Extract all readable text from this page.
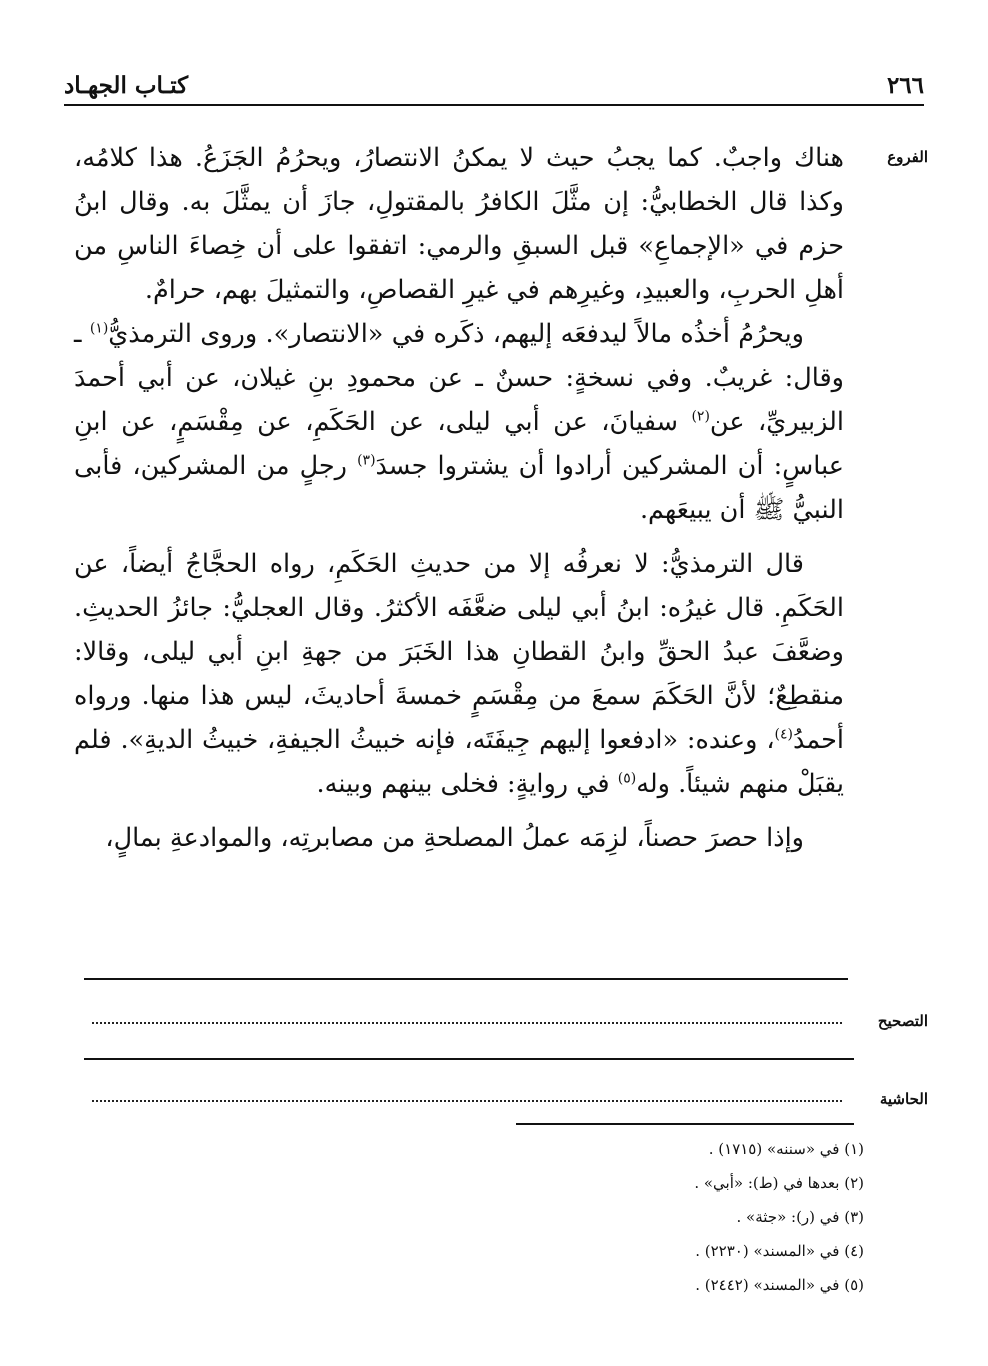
٢٦٦
كتـاب الجهـاد
الفروع

هناك واجبٌ. كما يجبُ حيث لا يمكنُ الانتصارُ، ويحرُمُ الجَزَعُ. هذا كلامُه، وكذا قال الخطابيُّ: إن مثَّلَ الكافرُ بالمقتولِ، جازَ أن يمثَّلَ به. وقال ابنُ حزم في «الإجماعِ» قبل السبقِ والرمي: اتفقوا على أن خِصاءَ الناسِ من أهلِ الحربِ، والعبيدِ، وغيرِهم في غيرِ القصاصِ، والتمثيلَ بهم، حرامٌ.

ويحرُمُ أخذُه مالاً ليدفعَه إليهم، ذكَره في «الانتصار». وروى الترمذيُّ$^{(١)}$ ـ وقال: غريبٌ. وفي نسخةٍ: حسنٌ ـ عن محمودِ بنِ غيلان، عن أبي أحمدَ الزبيريِّ، عن$^{(٢)}$ سفيانَ، عن أبي ليلى، عن الحَكَمِ، عن مِقْسَمٍ، عن ابنِ عباسٍ: أن المشركين أرادوا أن يشتروا جسدَ$^{(٣)}$ رجلٍ من المشركين، فأبى النبيُّ ﷺ أن يبيعَهم.

قال الترمذيُّ: لا نعرفُه إلا من حديثِ الحَكَمِ، رواه الحجَّاجُ أيضاً، عن الحَكَمِ. قال غيرُه: ابنُ أبي ليلى ضعَّفَه الأكثرُ. وقال العجليُّ: جائزُ الحديثِ. وضعَّفَ عبدُ الحقِّ وابنُ القطانِ هذا الخَبَرَ من جهةِ ابنِ أبي ليلى، وقالا: منقطِعٌ؛ لأنَّ الحَكَمَ سمعَ من مِقْسَمٍ خمسةَ أحاديثَ، ليس هذا منها. ورواه أحمدُ$^{(٤)}$، وعنده: «ادفعوا إليهم جِيفَتَه، فإنه خبيثُ الجيفةِ، خبيثُ الديةِ». فلم يقبَلْ منهم شيئاً. وله$^{(٥)}$ في روايةٍ: فخلى بينهم وبينه.

وإذا حصرَ حصناً، لزِمَه عملُ المصلحةِ من مصابرتِه، والموادعةِ بمالٍ،

التصحيح
الحاشية
(١) في «سننه» (١٧١٥) .
(٢) بعدها في (ط): «أبي» .
(٣) في (ر): «جثة» .
(٤) في «المسند» (٢٢٣٠) .
(٥) في «المسند» (٢٤٤٢) .
